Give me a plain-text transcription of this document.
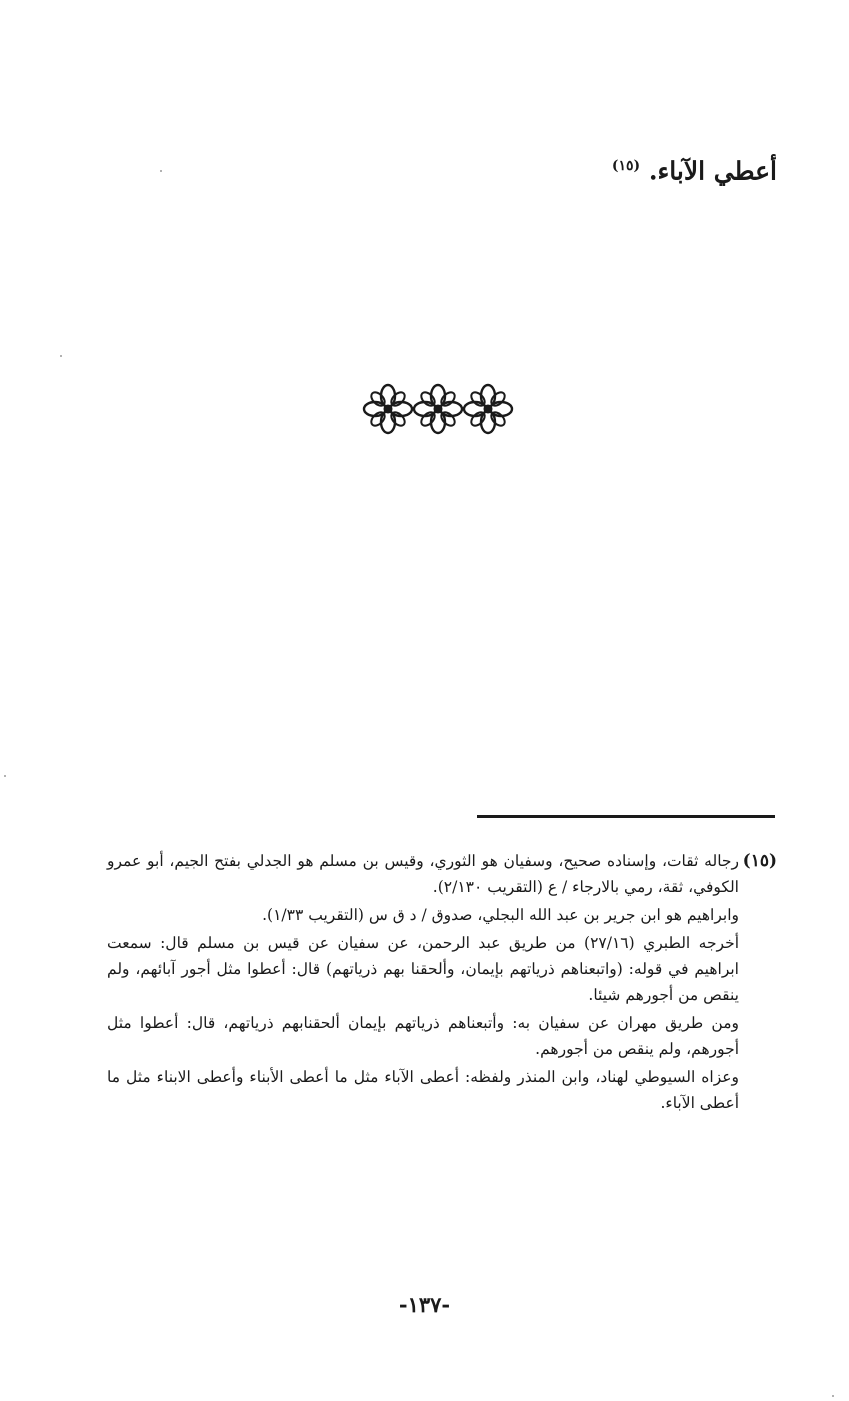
أعطي الآباء. $^{(١٥)}$
(١٥)

رجاله ثقات، وإسناده صحيح، وسفيان هو الثوري، وقيس بن مسلم هو الجدلي بفتح الجيم، أبو عمرو الكوفي، ثقة، رمي بالارجاء / ع (التقريب ٢/١٣٠).

وابراهيم هو ابن جرير بن عبد الله البجلي، صدوق / د ق س (التقريب ١/٣٣).

أخرجه الطبري (٢٧/١٦) من طريق عبد الرحمن، عن سفيان عن قيس بن مسلم قال: سمعت ابراهيم في قوله: (واتبعناهم ذرياتهم بإيمان، وألحقنا بهم ذرياتهم) قال: أعطوا مثل أجور آبائهم، ولم ينقص من أجورهم شيئا.

ومن طريق مهران عن سفيان به: وأتبعناهم ذرياتهم بإيمان ألحقنابهم ذرياتهم، قال: أعطوا مثل أجورهم، ولم ينقص من أجورهم.

وعزاه السيوطي لهناد، وابن المنذر ولفظه: أعطى الآباء مثل ما أعطى الأبناء وأعطى الابناء مثل ما أعطى الآباء.

-١٣٧-
